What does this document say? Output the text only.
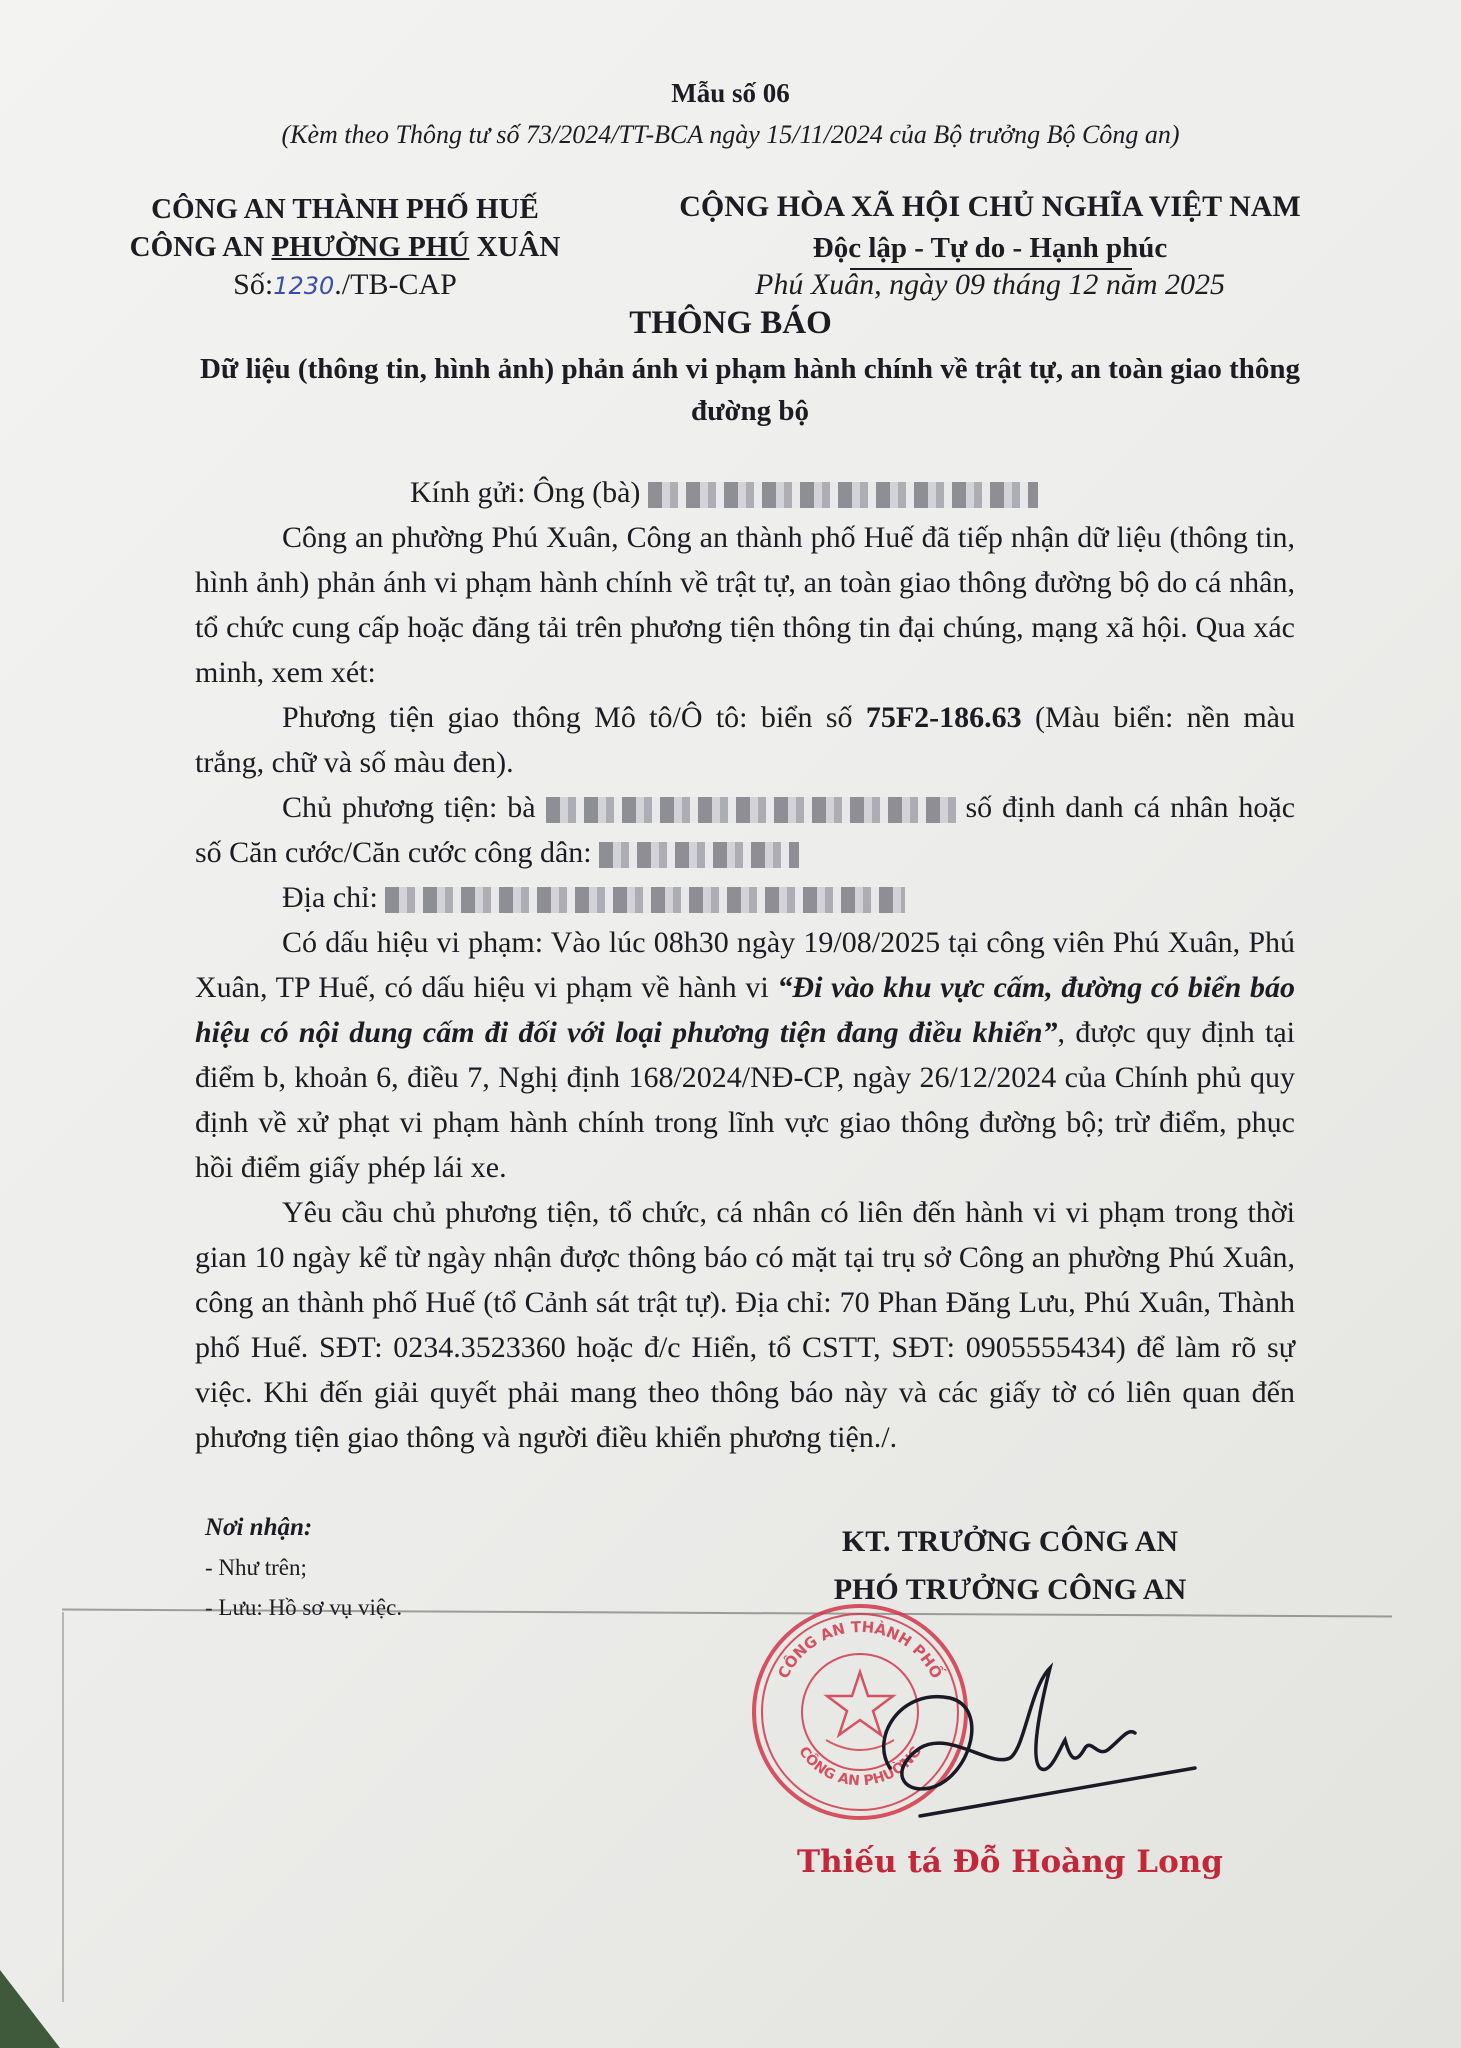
Mẫu số 06
(Kèm theo Thông tư số 73/2024/TT-BCA ngày 15/11/2024 của Bộ trưởng Bộ Công an)
CÔNG AN THÀNH PHỐ HUẾ
CÔNG AN PHƯỜNG PHÚ XUÂN
Số:1230./TB-CAP
CỘNG HÒA XÃ HỘI CHỦ NGHĨA VIỆT NAM
Độc lập - Tự do - Hạnh phúc
Phú Xuân, ngày 09 tháng 12 năm 2025
THÔNG BÁO
Dữ liệu (thông tin, hình ảnh) phản ánh vi phạm hành chính về trật tự, an toàn giao thông đường bộ

Kính gửi: Ông (bà)

Công an phường Phú Xuân, Công an thành phố Huế đã tiếp nhận dữ liệu (thông tin, hình ảnh) phản ánh vi phạm hành chính về trật tự, an toàn giao thông đường bộ do cá nhân, tổ chức cung cấp hoặc đăng tải trên phương tiện thông tin đại chúng, mạng xã hội. Qua xác minh, xem xét:

Phương tiện giao thông Mô tô/Ô tô: biển số 75F2-186.63 (Màu biển: nền màu trắng, chữ và số màu đen).

Chủ phương tiện: bà	số định danh cá nhân hoặc số Căn cước/Căn cước công dân:

Địa chỉ:

Có dấu hiệu vi phạm: Vào lúc 08h30 ngày 19/08/2025 tại công viên Phú Xuân, Phú Xuân, TP Huế, có dấu hiệu vi phạm về hành vi “Đi vào khu vực cấm, đường có biển báo hiệu có nội dung cấm đi đối với loại phương tiện đang điều khiển”, được quy định tại điểm b, khoản 6, điều 7, Nghị định 168/2024/NĐ-CP, ngày 26/12/2024 của Chính phủ quy định về xử phạt vi phạm hành chính trong lĩnh vực giao thông đường bộ; trừ điểm, phục hồi điểm giấy phép lái xe.

Yêu cầu chủ phương tiện, tổ chức, cá nhân có liên đến hành vi vi phạm trong thời gian 10 ngày kể từ ngày nhận được thông báo có mặt tại trụ sở Công an phường Phú Xuân, công an thành phố Huế (tổ Cảnh sát trật tự). Địa chỉ: 70 Phan Đăng Lưu, Phú Xuân, Thành phố Huế. SĐT: 0234.3523360 hoặc đ/c Hiển, tổ CSTT, SĐT: 0905555434) để làm rõ sự việc. Khi đến giải quyết phải mang theo thông báo này và các giấy tờ có liên quan đến phương tiện giao thông và người điều khiển phương tiện./.

Nơi nhận:
- Như trên;
- Lưu: Hồ sơ vụ việc.
KT. TRƯỞNG CÔNG AN
PHÓ TRƯỞNG CÔNG AN
CÔNG AN THÀNH PHỐ
CÔNG AN PHƯỜNG
Thiếu tá Đỗ Hoàng Long
